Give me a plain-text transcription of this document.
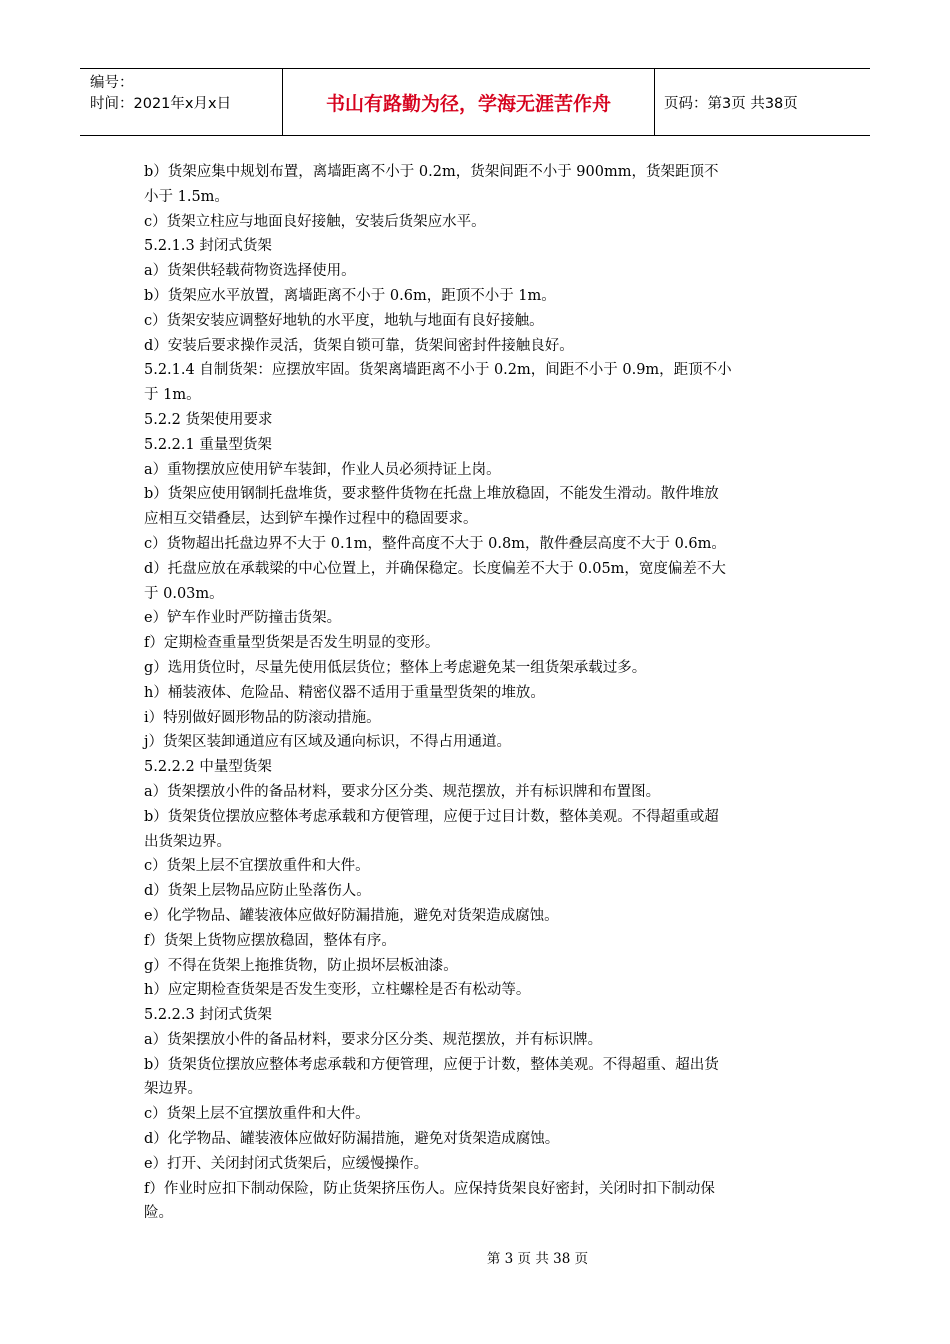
编号：
时间：2021年x月x日	书山有路勤为径，学海无涯苦作舟	页码：第3页 共38页
b）货架应集中规划布置，离墙距离不小于 0.2m，货架间距不小于 900mm，货架距顶不
小于 1.5m。
c）货架立柱应与地面良好接触，安装后货架应水平。
5.2.1.3 封闭式货架
a）货架供轻载荷物资选择使用。
b）货架应水平放置，离墙距离不小于 0.6m，距顶不小于 1m。
c）货架安装应调整好地轨的水平度，地轨与地面有良好接触。
d）安装后要求操作灵活，货架自锁可靠，货架间密封件接触良好。
5.2.1.4 自制货架：应摆放牢固。货架离墙距离不小于 0.2m，间距不小于 0.9m，距顶不小
于 1m。
5.2.2 货架使用要求
5.2.2.1 重量型货架
a）重物摆放应使用铲车装卸，作业人员必须持证上岗。
b）货架应使用钢制托盘堆货，要求整件货物在托盘上堆放稳固，不能发生滑动。散件堆放
应相互交错叠层，达到铲车操作过程中的稳固要求。
c）货物超出托盘边界不大于 0.1m，整件高度不大于 0.8m，散件叠层高度不大于 0.6m。
d）托盘应放在承载梁的中心位置上，并确保稳定。长度偏差不大于 0.05m，宽度偏差不大
于 0.03m。
e）铲车作业时严防撞击货架。
f）定期检查重量型货架是否发生明显的变形。
g）选用货位时，尽量先使用低层货位；整体上考虑避免某一组货架承载过多。
h）桶装液体、危险品、精密仪器不适用于重量型货架的堆放。
i）特别做好圆形物品的防滚动措施。
j）货架区装卸通道应有区域及通向标识，不得占用通道。
5.2.2.2 中量型货架
a）货架摆放小件的备品材料，要求分区分类、规范摆放，并有标识牌和布置图。
b）货架货位摆放应整体考虑承载和方便管理，应便于过目计数，整体美观。不得超重或超
出货架边界。
c）货架上层不宜摆放重件和大件。
d）货架上层物品应防止坠落伤人。
e）化学物品、罐装液体应做好防漏措施，避免对货架造成腐蚀。
f）货架上货物应摆放稳固，整体有序。
g）不得在货架上拖推货物，防止损坏层板油漆。
h）应定期检查货架是否发生变形，立柱螺栓是否有松动等。
5.2.2.3 封闭式货架
a）货架摆放小件的备品材料，要求分区分类、规范摆放，并有标识牌。
b）货架货位摆放应整体考虑承载和方便管理，应便于计数，整体美观。不得超重、超出货
架边界。
c）货架上层不宜摆放重件和大件。
d）化学物品、罐装液体应做好防漏措施，避免对货架造成腐蚀。
e）打开、关闭封闭式货架后，应缓慢操作。
f）作业时应扣下制动保险，防止货架挤压伤人。应保持货架良好密封，关闭时扣下制动保
险。
第 3 页 共 38 页
